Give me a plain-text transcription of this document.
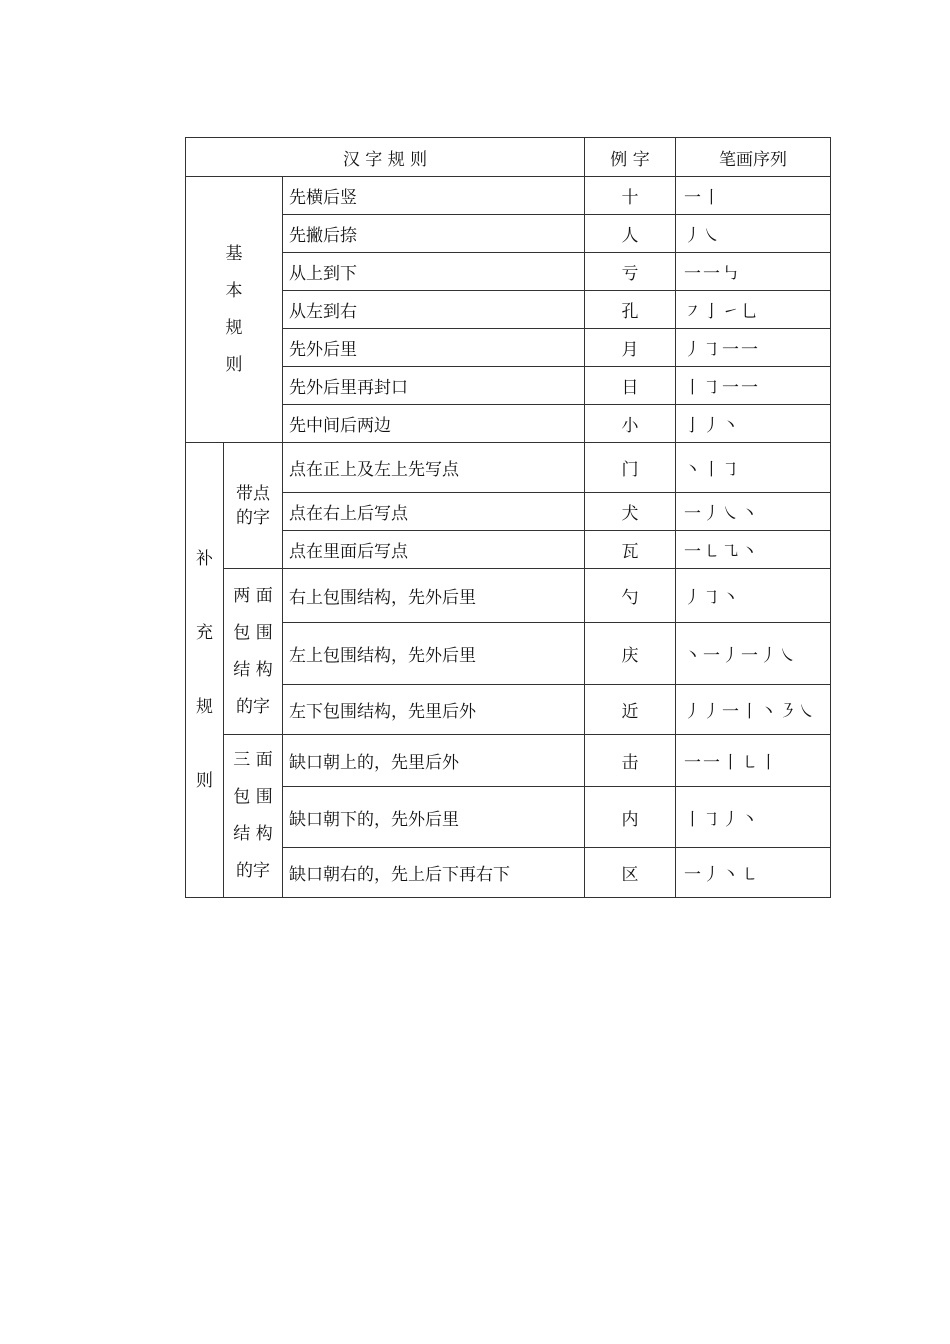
汉 字 规 则			例 字	笔画序列

基
本
规
则		先横后竖	十	一丨
		先撇后捺	人	丿㇏
		从上到下	亏	一一㇉
		从左到右	孔	㇇亅㇀乚
		先外后里	月	丿㇆一一
		先外后里再封口	日	丨㇆一一
		先中间后两边	小	亅丿丶

补
充
规
则	带点
的字	点在正上及左上先写点	门	丶丨㇆
		点在右上后写点	犬	一丿㇏丶
		点在里面后写点	瓦	一㇄㇈丶

	两 面
包 围
结 构
的字	右上包围结构，先外后里	勺	丿㇆丶
		左上包围结构，先外后里	庆	丶一丿一丿㇏
		左下包围结构，先里后外	近	丿丿一丨丶㇋㇏

	三 面
包 围
结 构
的字	缺口朝上的，先里后外	击	一一丨㇄丨
		缺口朝下的，先外后里	内	丨㇆丿丶
		缺口朝右的，先上后下再右下	区	一丿丶㇄
